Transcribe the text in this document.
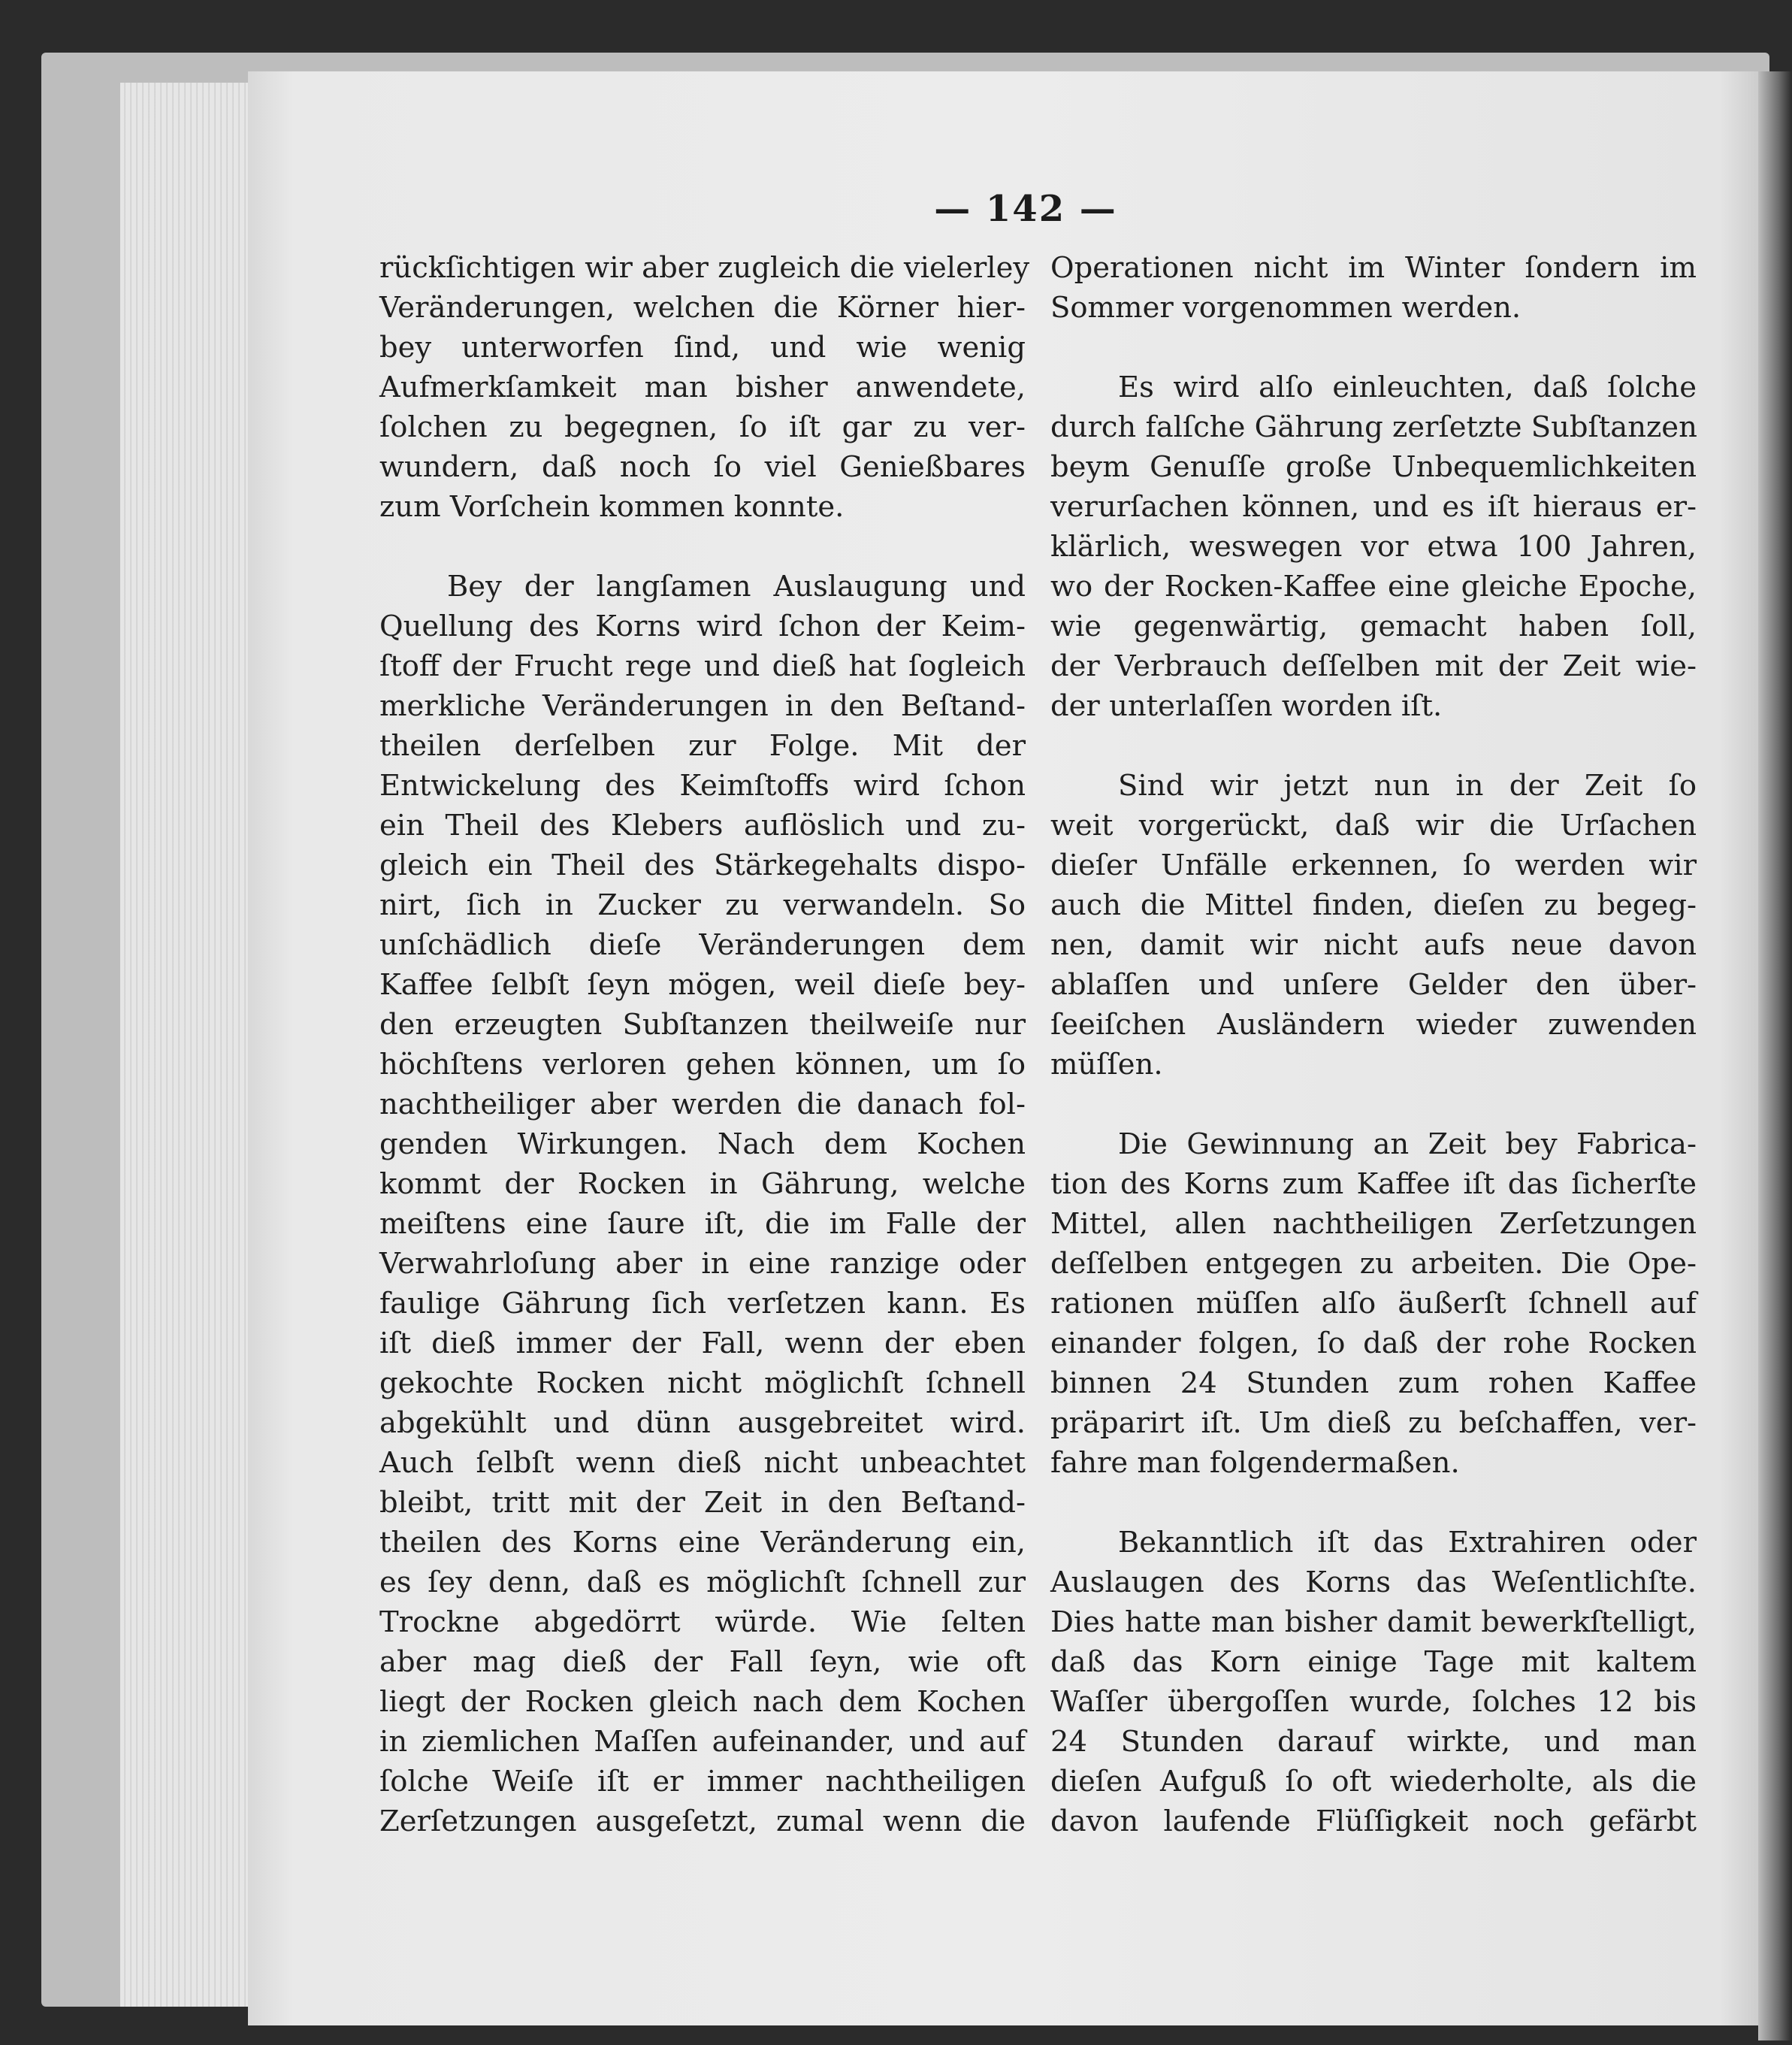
— 142 —
rückſichtigen wir aber zugleich die vielerley
Veränderungen, welchen die Körner hier-
bey unterworfen ſind, und wie wenig
Aufmerkſamkeit man bisher anwendete,
ſolchen zu begegnen, ſo iſt gar zu ver-
wundern, daß noch ſo viel Genießbares
zum Vorſchein kommen konnte.
Bey der langſamen Auslaugung und
Quellung des Korns wird ſchon der Keim-
ſtoff der Frucht rege und dieß hat ſogleich
merkliche Veränderungen in den Beſtand-
theilen derſelben zur Folge. Mit der
Entwickelung des Keimſtoffs wird ſchon
ein Theil des Klebers auflöslich und zu-
gleich ein Theil des Stärkegehalts dispo-
nirt, ſich in Zucker zu verwandeln. So
unſchädlich dieſe Veränderungen dem
Kaffee ſelbſt ſeyn mögen, weil dieſe bey-
den erzeugten Subſtanzen theilweiſe nur
höchſtens verloren gehen können, um ſo
nachtheiliger aber werden die danach fol-
genden Wirkungen. Nach dem Kochen
kommt der Rocken in Gährung, welche
meiſtens eine ſaure iſt, die im Falle der
Verwahrloſung aber in eine ranzige oder
faulige Gährung ſich verſetzen kann. Es
iſt dieß immer der Fall, wenn der eben
gekochte Rocken nicht möglichſt ſchnell
abgekühlt und dünn ausgebreitet wird.
Auch ſelbſt wenn dieß nicht unbeachtet
bleibt, tritt mit der Zeit in den Beſtand-
theilen des Korns eine Veränderung ein,
es ſey denn, daß es möglichſt ſchnell zur
Trockne abgedörrt würde. Wie ſelten
aber mag dieß der Fall ſeyn, wie oft
liegt der Rocken gleich nach dem Kochen
in ziemlichen Maſſen aufeinander, und auf
ſolche Weiſe iſt er immer nachtheiligen
Zerſetzungen ausgeſetzt, zumal wenn die
Operationen nicht im Winter ſondern im
Sommer vorgenommen werden.
Es wird alſo einleuchten, daß ſolche
durch falſche Gährung zerſetzte Subſtanzen
beym Genuſſe große Unbequemlichkeiten
verurſachen können, und es iſt hieraus er-
klärlich, weswegen vor etwa 100 Jahren,
wo der Rocken-Kaffee eine gleiche Epoche,
wie gegenwärtig, gemacht haben ſoll,
der Verbrauch deſſelben mit der Zeit wie-
der unterlaſſen worden iſt.
Sind wir jetzt nun in der Zeit ſo
weit vorgerückt, daß wir die Urſachen
dieſer Unfälle erkennen, ſo werden wir
auch die Mittel finden, dieſen zu begeg-
nen, damit wir nicht aufs neue davon
ablaſſen und unſere Gelder den über-
ſeeiſchen Ausländern wieder zuwenden
müſſen.
Die Gewinnung an Zeit bey Fabrica-
tion des Korns zum Kaffee iſt das ſicherſte
Mittel, allen nachtheiligen Zerſetzungen
deſſelben entgegen zu arbeiten. Die Ope-
rationen müſſen alſo äußerſt ſchnell auf
einander folgen, ſo daß der rohe Rocken
binnen 24 Stunden zum rohen Kaffee
präparirt iſt. Um dieß zu beſchaffen, ver-
fahre man folgendermaßen.
Bekanntlich iſt das Extrahiren oder
Auslaugen des Korns das Weſentlichſte.
Dies hatte man bisher damit bewerkſtelligt,
daß das Korn einige Tage mit kaltem
Waſſer übergoſſen wurde, ſolches 12 bis
24 Stunden darauf wirkte, und man
dieſen Aufguß ſo oft wiederholte, als die
davon laufende Flüſſigkeit noch gefärbt
